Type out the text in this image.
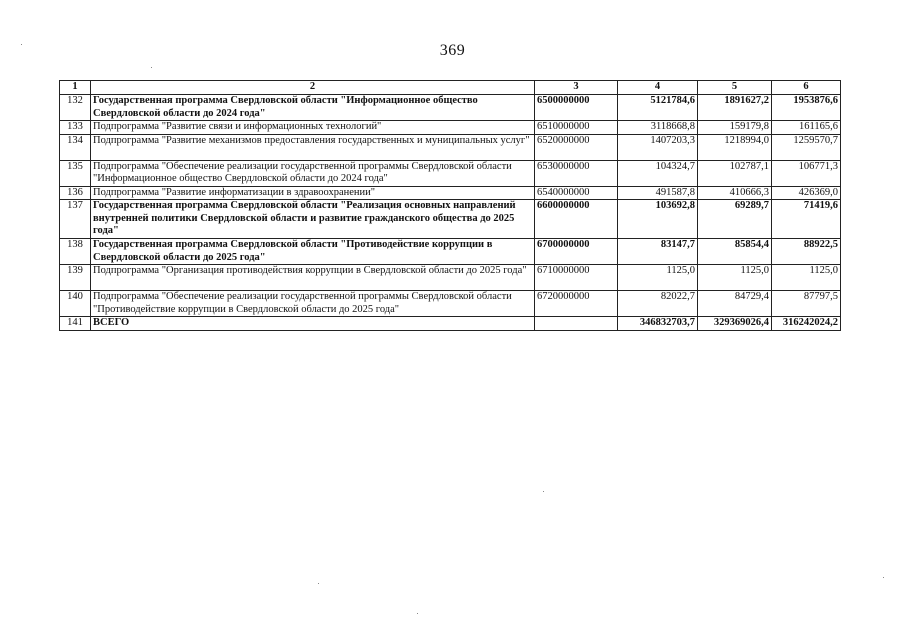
369
1	2	3	4	5	6
132	Государственная программа Свердловской области "Информационное общество Свердловской области до 2024 года"	6500000000	5121784,6	1891627,2	1953876,6
133	Подпрограмма "Развитие связи и информационных технологий"	6510000000	3118668,8	159179,8	161165,6
134	Подпрограмма "Развитие механизмов предоставления государственных и муниципальных услуг"	6520000000	1407203,3	1218994,0	1259570,7
135	Подпрограмма "Обеспечение реализации государственной программы Свердловской области "Информационное общество Свердловской области до 2024 года"	6530000000	104324,7	102787,1	106771,3
136	Подпрограмма "Развитие информатизации в здравоохранении"	6540000000	491587,8	410666,3	426369,0
137	Государственная программа Свердловской области "Реализация основных направлений внутренней политики Свердловской области и развитие гражданского общества до 2025 года"	6600000000	103692,8	69289,7	71419,6
138	Государственная программа Свердловской области "Противодействие коррупции в Свердловской области до 2025 года"	6700000000	83147,7	85854,4	88922,5
139	Подпрограмма "Организация противодействия коррупции в Свердловской области до 2025 года"	6710000000	1125,0	1125,0	1125,0
140	Подпрограмма "Обеспечение реализации государственной программы Свердловской области "Противодействие коррупции в Свердловской области до 2025 года"	6720000000	82022,7	84729,4	87797,5
141	ВСЕГО		346832703,7	329369026,4	316242024,2
